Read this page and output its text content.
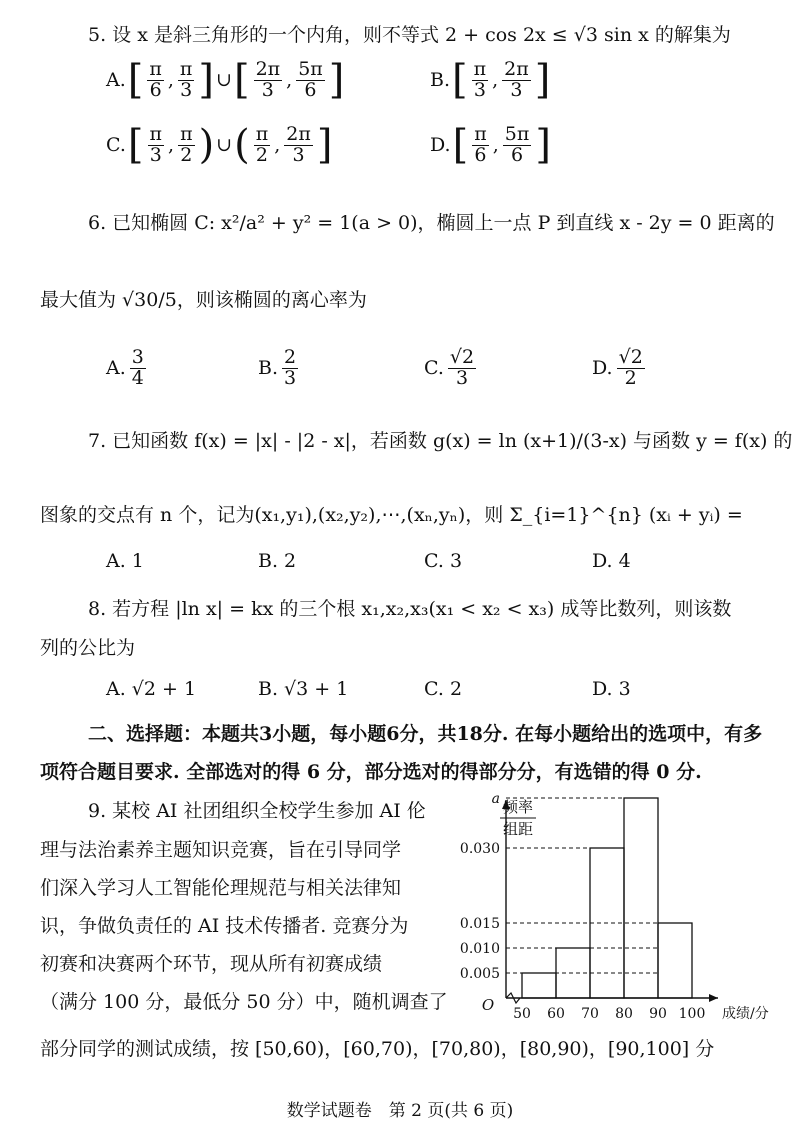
5. 设 x 是斜三角形的一个内角，则不等式 2 + cos 2x ≤ √3 sin x 的解集为
A. [ $\frac{\pi}{6}$ , $\frac{\pi}{3}$ ] ∪ [ $\frac{2\pi}{3}$ , $\frac{5\pi}{6}$ ]	B. [ $\frac{\pi}{3}$ , $\frac{2\pi}{3}$ ]
C. [ $\frac{\pi}{3}$ , $\frac{\pi}{2}$ ) ∪ ( $\frac{\pi}{2}$ , $\frac{2\pi}{3}$ ]	D. [ $\frac{\pi}{6}$ , $\frac{5\pi}{6}$ ]
6. 已知椭圆 C: x²/a² + y² = 1(a > 0)，椭圆上一点 P 到直线 x - 2y = 0 距离的
最大值为 √30/5，则该椭圆的离心率为
A. $\frac{3}{4}$	B. $\frac{2}{3}$	C. $\frac{√2}{3}$	D. $\frac{√2}{2}$
7. 已知函数 f(x) = |x| - |2 - x|，若函数 g(x) = ln (x+1)/(3-x) 与函数 y = f(x) 的
图象的交点有 n 个，记为(x₁,y₁),(x₂,y₂),⋯,(xₙ,yₙ)，则 Σ_{i=1}^{n} (xᵢ + yᵢ) =
A. 1	B. 2	C. 3	D. 4
8. 若方程 |ln x| = kx 的三个根 x₁,x₂,x₃(x₁ < x₂ < x₃) 成等比数列，则该数
列的公比为
A. √2 + 1	B. √3 + 1	C. 2	D. 3
二、选择题：本题共3小题，每小题6分，共18分. 在每小题给出的选项中，有多
项符合题目要求. 全部选对的得 6 分，部分选对的得部分分，有选错的得 0 分.
9. 某校 AI 社团组织全校学生参加 AI 伦
理与法治素养主题知识竞赛，旨在引导同学
们深入学习人工智能伦理规范与相关法律知
识，争做负责任的 AI 技术传播者. 竞赛分为
初赛和决赛两个环节，现从所有初赛成绩
（满分 100 分，最低分 50 分）中，随机调查了
部分同学的测试成绩，按 [50,60)，[60,70)，[70,80)，[80,90)，[90,100] 分
频率
组距
O	成绩/分
50 60 70 80 90 100
0.005
0.010
0.015
0.030
a
数学试题卷　第 2 页(共 6 页)
